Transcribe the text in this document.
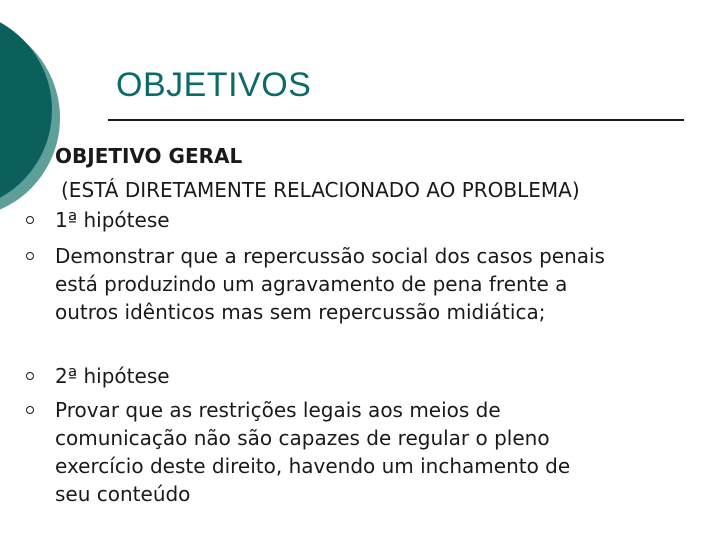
OBJETIVOS
OBJETIVO GERAL
(ESTÁ DIRETAMENTE RELACIONADO AO PROBLEMA)
1ª hipótese
Demonstrar que a repercussão social dos casos penais
está produzindo um agravamento de pena frente a
outros idênticos mas sem repercussão midiática;
2ª hipótese
Provar que as restrições legais aos meios de
comunicação não são capazes de regular o pleno
exercício deste direito, havendo um inchamento de
seu conteúdo
